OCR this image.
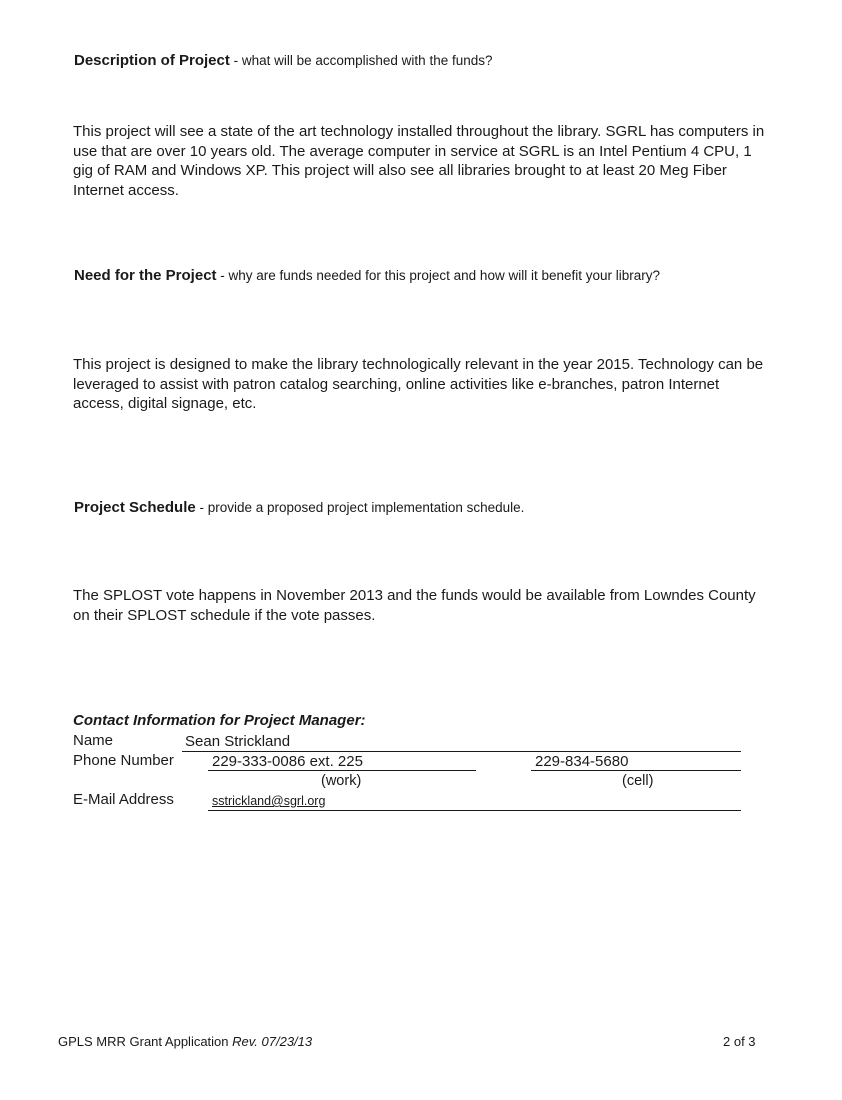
Description of Project - what will be accomplished with the funds?

This project will see a state of the art technology installed throughout the library. SGRL has computers in use that are over 10 years old. The average computer in service at SGRL is an Intel Pentium 4 CPU, 1 gig of RAM and Windows XP. This project will also see all libraries brought to at least 20 Meg Fiber Internet access.

Need for the Project - why are funds needed for this project and how will it benefit your library?

This project is designed to make the library technologically relevant in the year 2015. Technology can be leveraged to assist with patron catalog searching, online activities like e-branches, patron Internet access, digital signage, etc.

Project Schedule - provide a proposed project implementation schedule.

The SPLOST vote happens in November 2013 and the funds would be available from Lowndes County on their SPLOST schedule if the vote passes.

Contact Information for Project Manager:
Name	Sean Strickland
Phone Number	229-333-0086 ext. 225	229-834-5680
(work)	(cell)
E-Mail Address	sstrickland@sgrl.org
GPLS MRR Grant Application Rev. 07/23/13	2 of 3
